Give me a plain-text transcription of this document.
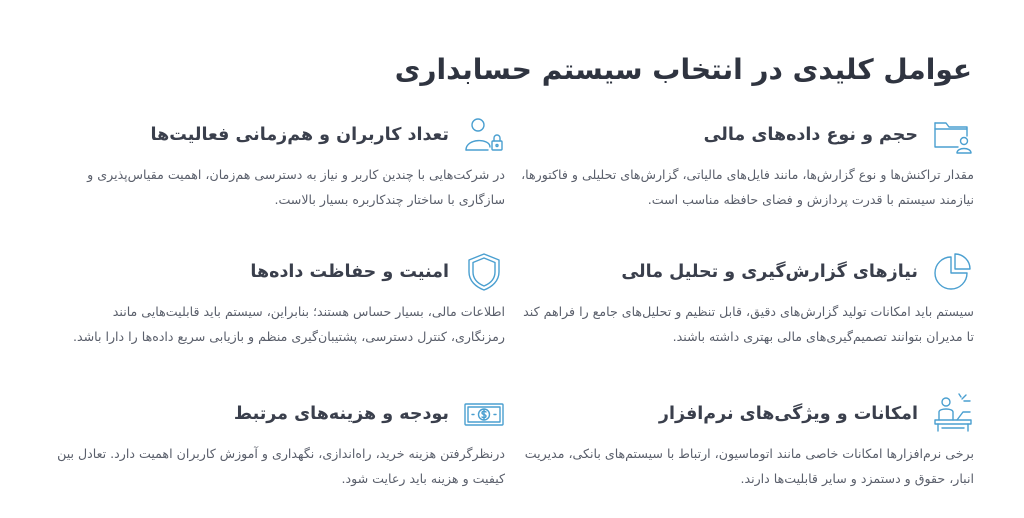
عوامل کلیدی در انتخاب سیستم حسابداری
حجم و نوع داده‌های مالی

مقدار تراکنش‌ها و نوع گزارش‌ها، مانند فایل‌های مالیاتی، گزارش‌های تحلیلی و فاکتورها، نیازمند سیستم با قدرت پردازش و فضای حافظه مناسب است.

نیازهای گزارش‌گیری و تحلیل مالی

سیستم باید امکانات تولید گزارش‌های دقیق، قابل تنظیم و تحلیل‌های جامع را فراهم کند تا مدیران بتوانند تصمیم‌گیری‌های مالی بهتری داشته باشند.

امکانات و ویژگی‌های نرم‌افزار

برخی نرم‌افزارها امکانات خاصی مانند اتوماسیون، ارتباط با سیستم‌های بانکی، مدیریت انبار، حقوق و دستمزد و سایر قابلیت‌ها دارند.

تعداد کاربران و هم‌زمانی فعالیت‌ها

در شرکت‌هایی با چندین کاربر و نیاز به دسترسی هم‌زمان، اهمیت مقیاس‌پذیری و سازگاری با ساختار چندکاربره بسیار بالاست.

امنیت و حفاظت داده‌ها

اطلاعات مالی، بسیار حساس هستند؛ بنابراین، سیستم باید قابلیت‌هایی مانند رمزنگاری، کنترل دسترسی، پشتیبان‌گیری منظم و بازیابی سریع داده‌ها را دارا باشد.

بودجه و هزینه‌های مرتبط

درنظرگرفتن هزینه خرید، راه‌اندازی، نگهداری و آموزش کاربران اهمیت دارد. تعادل بین کیفیت و هزینه باید رعایت شود.
